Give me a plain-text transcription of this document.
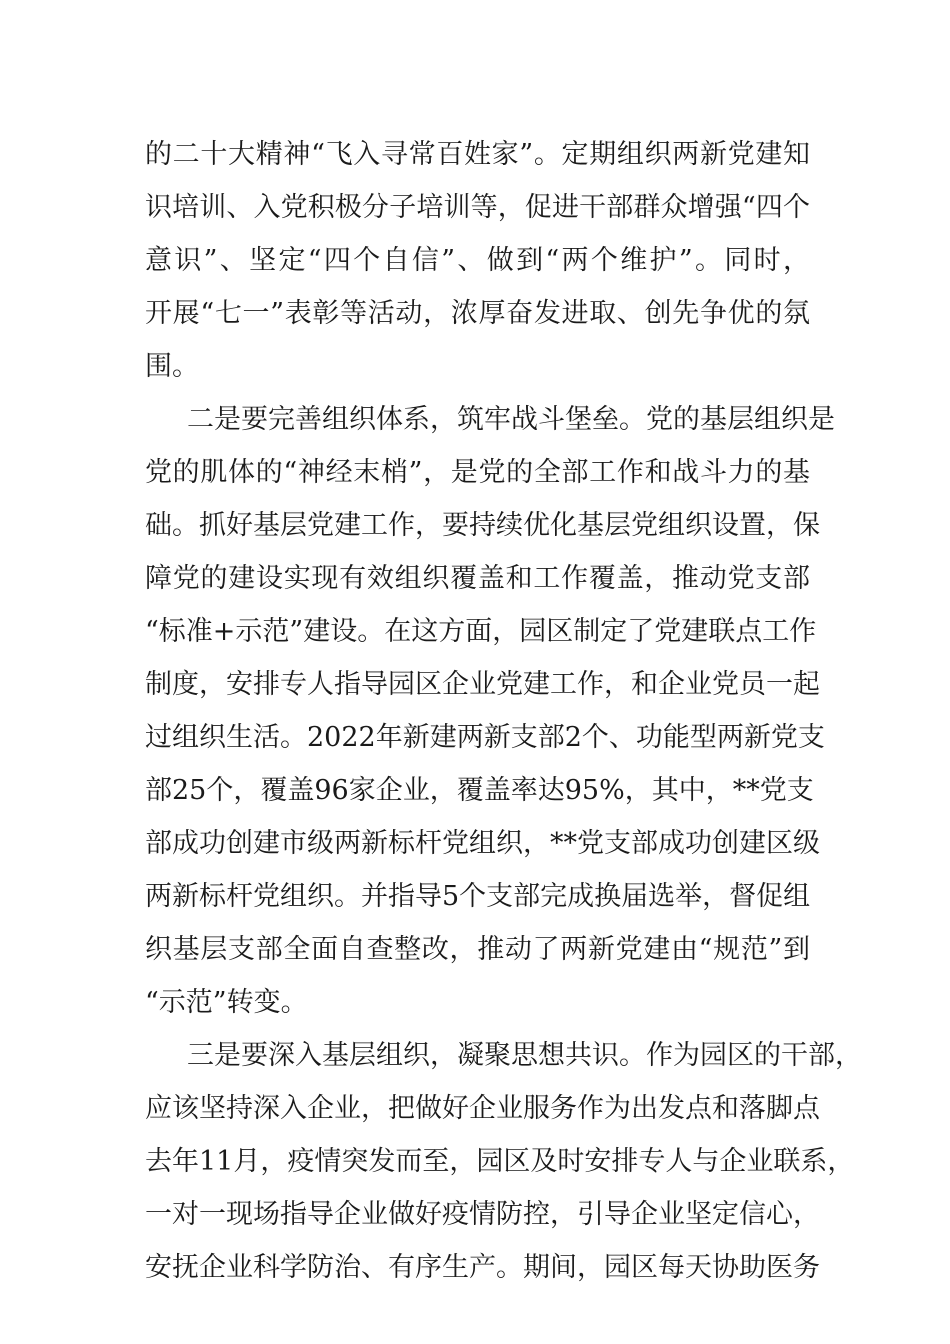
的二十大精神“飞入寻常百姓家”。定期组织两新党建知
识培训、入党积极分子培训等，促进干部群众增强“四个
意识”、坚定“四个自信”、做到“两个维护”。同时，
开展“七一”表彰等活动，浓厚奋发进取、创先争优的氛
围。
二是要完善组织体系，筑牢战斗堡垒。党的基层组织是
党的肌体的“神经末梢”，是党的全部工作和战斗力的基
础。抓好基层党建工作，要持续优化基层党组织设置，保
障党的建设实现有效组织覆盖和工作覆盖，推动党支部
“标准+示范”建设。在这方面，园区制定了党建联点工作
制度，安排专人指导园区企业党建工作，和企业党员一起
过组织生活。2022年新建两新支部2个、功能型两新党支
部25个，覆盖96家企业，覆盖率达95%，其中，**党支
部成功创建市级两新标杆党组织，**党支部成功创建区级
两新标杆党组织。并指导5个支部完成换届选举，督促组
织基层支部全面自查整改，推动了两新党建由“规范”到
“示范”转变。
三是要深入基层组织，凝聚思想共识。作为园区的干部，
应该坚持深入企业，把做好企业服务作为出发点和落脚点
去年11月，疫情突发而至，园区及时安排专人与企业联系，
一对一现场指导企业做好疫情防控，引导企业坚定信心，
安抚企业科学防治、有序生产。期间，园区每天协助医务
